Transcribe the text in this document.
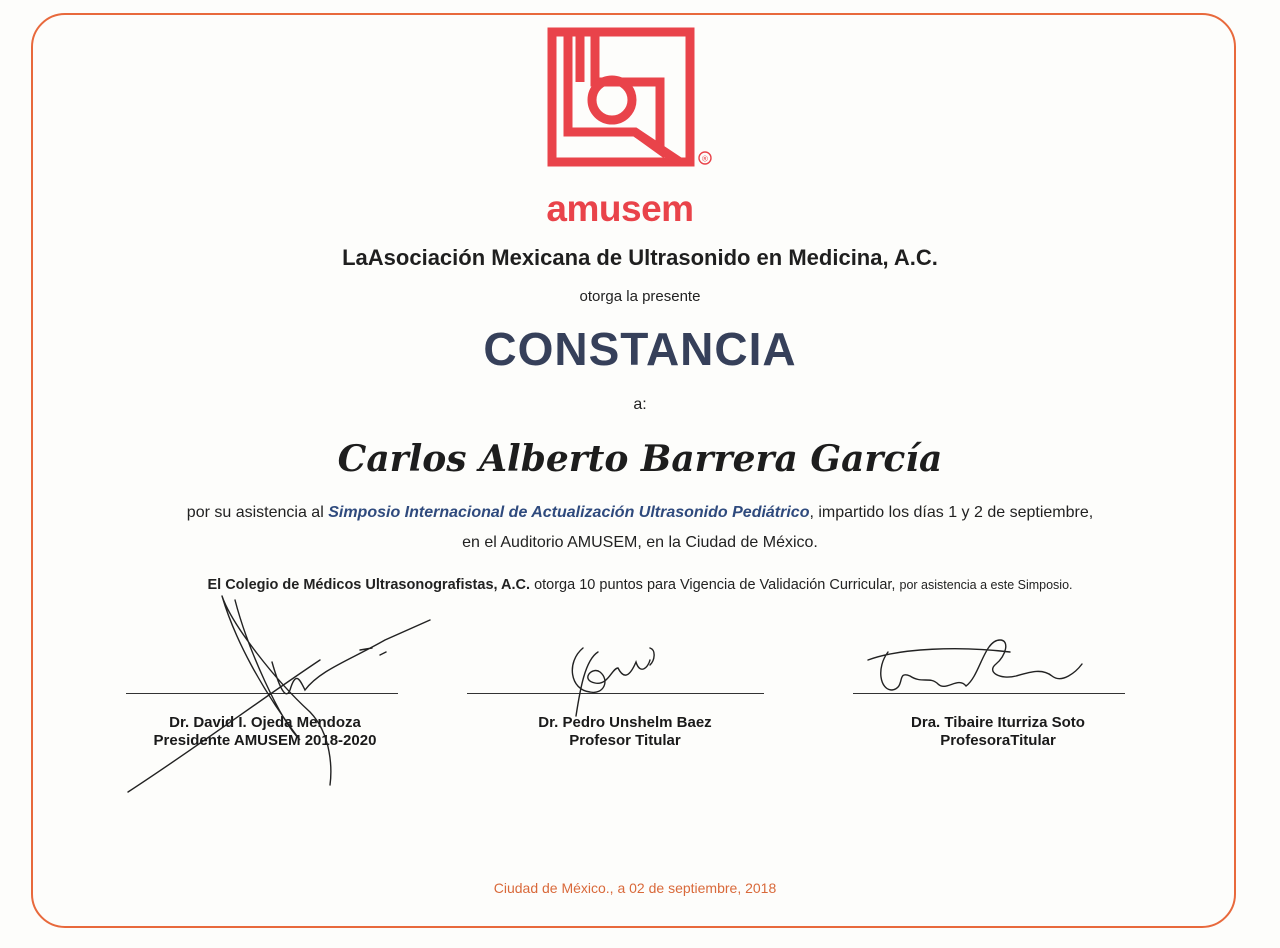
®
amusem
LaAsociación Mexicana de Ultrasonido en Medicina, A.C.
otorga la presente
CONSTANCIA
a:
Carlos Alberto Barrera García
por su asistencia al Simposio Internacional de Actualización Ultrasonido Pediátrico, impartido los días 1 y 2 de septiembre,
en el Auditorio AMUSEM, en la Ciudad de México.
El Colegio de Médicos Ultrasonografistas, A.C. otorga 10 puntos para Vigencia de Validación Curricular, por asistencia a este Simposio.
Dr. David I. Ojeda Mendoza
Presidente AMUSEM 2018-2020
Dr. Pedro Unshelm Baez
Profesor Titular
Dra. Tibaire Iturriza Soto
ProfesoraTitular
Ciudad de México., a 02 de septiembre, 2018
